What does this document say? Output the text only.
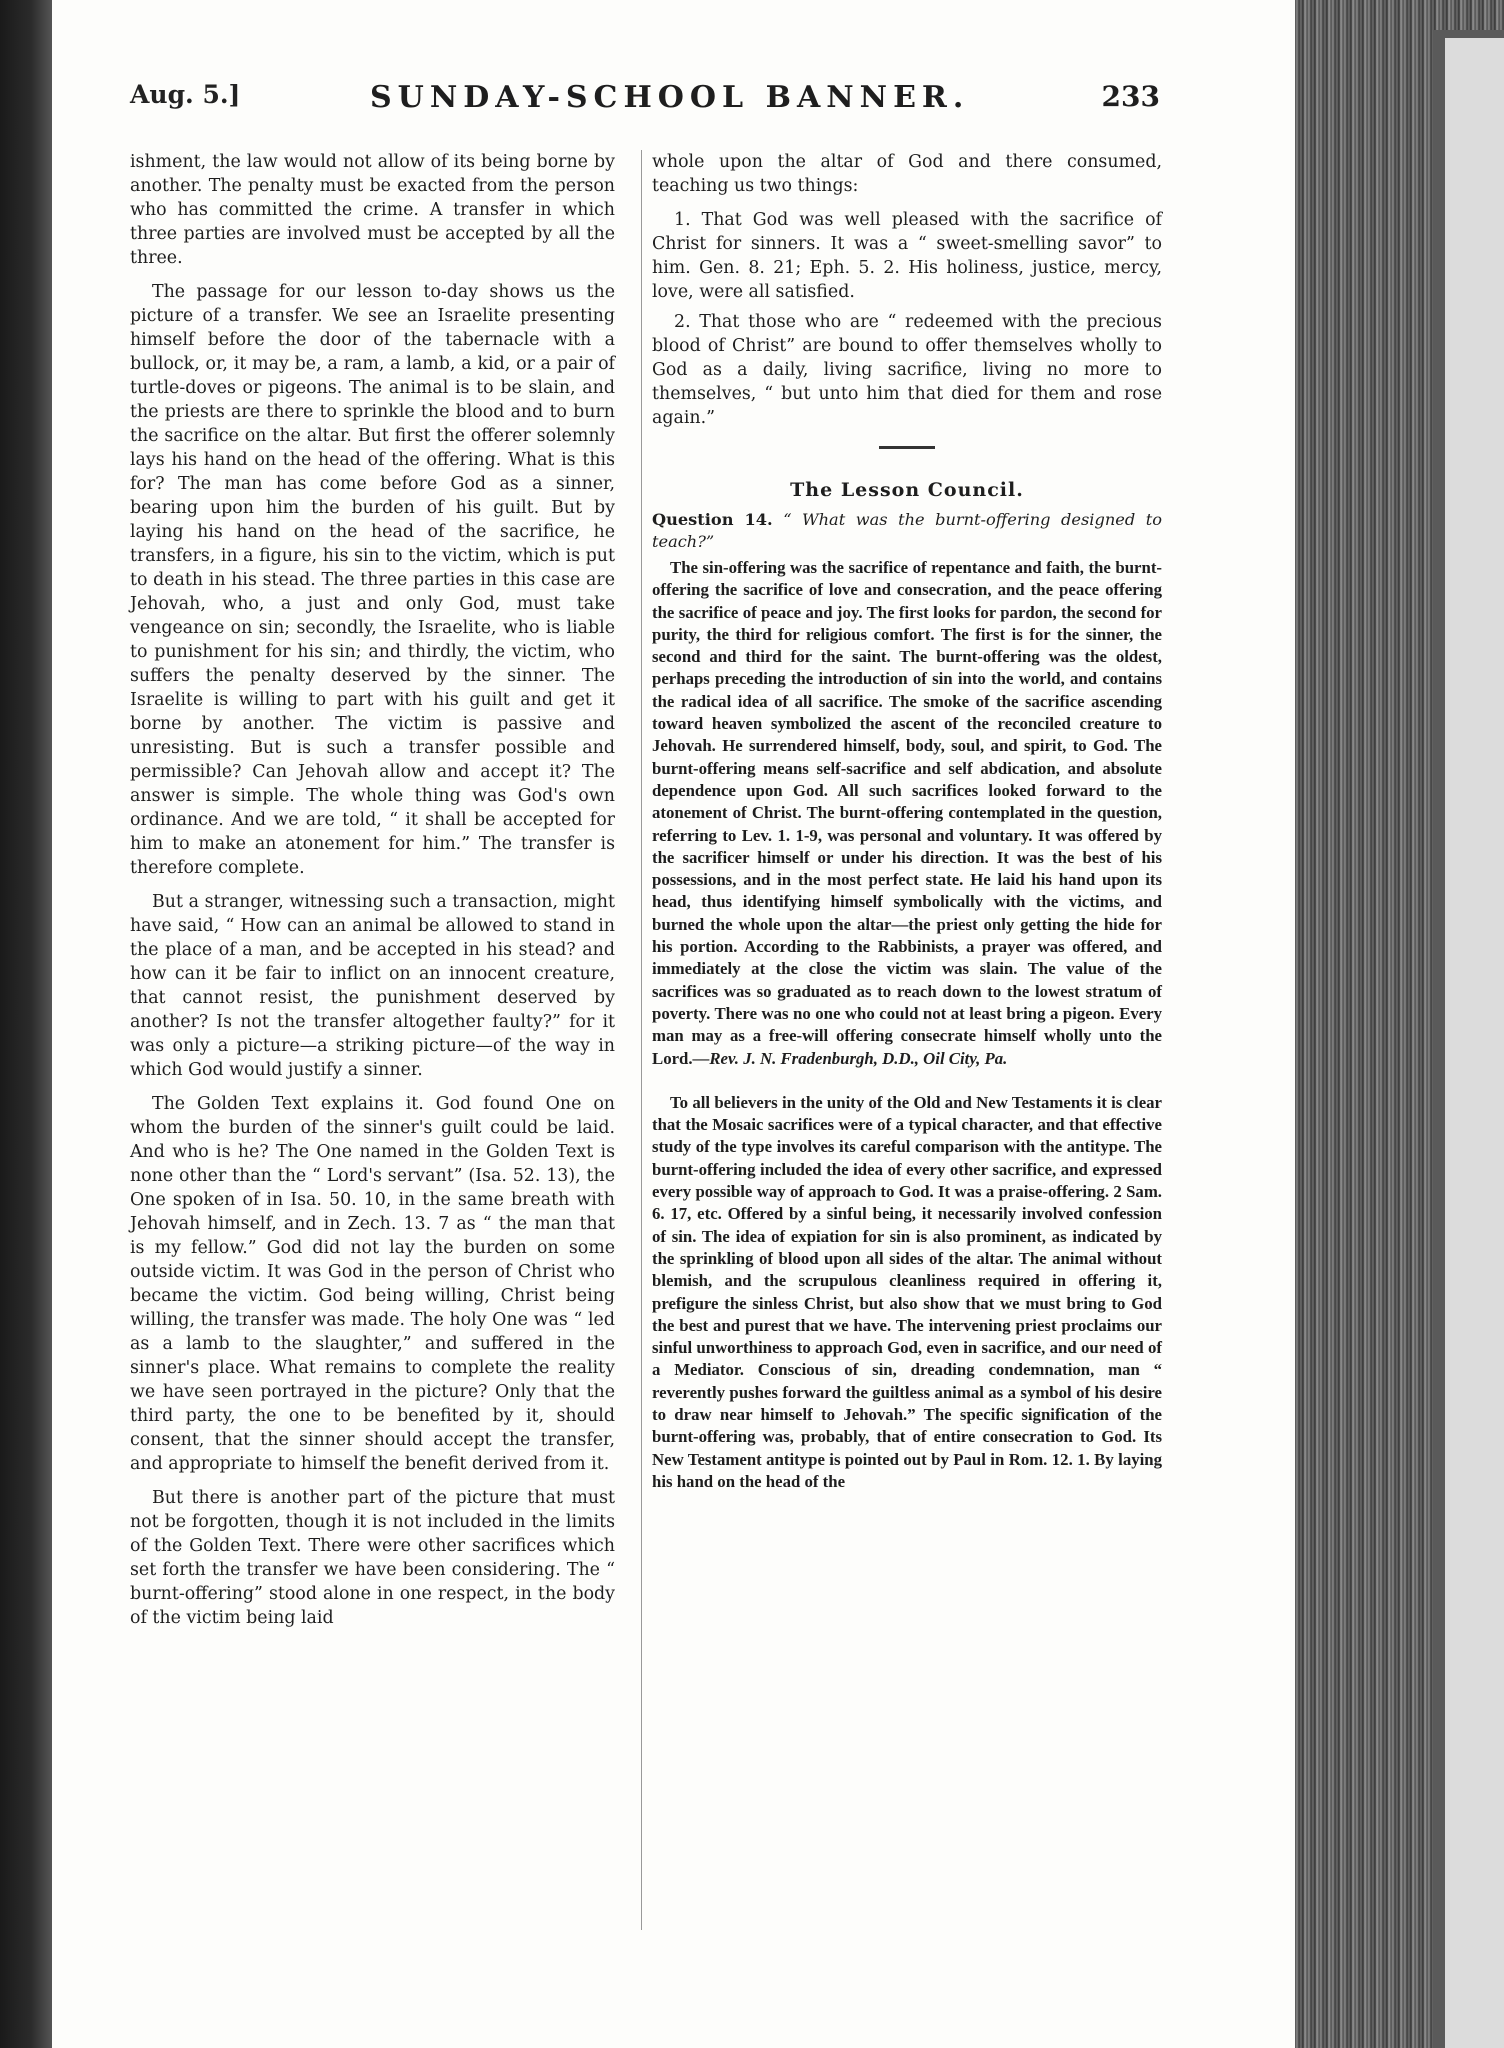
Aug. 5.]	SUNDAY-SCHOOL BANNER.	233

ishment, the law would not allow of its being borne by another. The penalty must be exacted from the person who has committed the crime. A transfer in which three parties are involved must be accepted by all the three.

The passage for our lesson to-day shows us the picture of a transfer. We see an Israelite presenting himself before the door of the tabernacle with a bullock, or, it may be, a ram, a lamb, a kid, or a pair of turtle-doves or pigeons. The animal is to be slain, and the priests are there to sprinkle the blood and to burn the sacrifice on the altar. But first the offerer solemnly lays his hand on the head of the offering. What is this for? The man has come before God as a sinner, bearing upon him the burden of his guilt. But by laying his hand on the head of the sacrifice, he transfers, in a figure, his sin to the victim, which is put to death in his stead. The three parties in this case are Jehovah, who, a just and only God, must take vengeance on sin; secondly, the Israelite, who is liable to punishment for his sin; and thirdly, the victim, who suffers the penalty deserved by the sinner. The Israelite is willing to part with his guilt and get it borne by another. The victim is passive and unresisting. But is such a transfer possible and permissible? Can Jehovah allow and accept it? The answer is simple. The whole thing was God's own ordinance. And we are told, “ it shall be accepted for him to make an atonement for him.” The transfer is therefore complete.

But a stranger, witnessing such a transaction, might have said, “ How can an animal be allowed to stand in the place of a man, and be accepted in his stead? and how can it be fair to inflict on an innocent creature, that cannot resist, the punishment deserved by another? Is not the transfer altogether faulty?” for it was only a picture—a striking picture—of the way in which God would justify a sinner.

The Golden Text explains it. God found One on whom the burden of the sinner's guilt could be laid. And who is he? The One named in the Golden Text is none other than the “ Lord's servant” (Isa. 52. 13), the One spoken of in Isa. 50. 10, in the same breath with Jehovah himself, and in Zech. 13. 7 as “ the man that is my fellow.” God did not lay the burden on some outside victim. It was God in the person of Christ who became the victim. God being willing, Christ being willing, the transfer was made. The holy One was “ led as a lamb to the slaughter,” and suffered in the sinner's place. What remains to complete the reality we have seen portrayed in the picture? Only that the third party, the one to be benefited by it, should consent, that the sinner should accept the transfer, and appropriate to himself the benefit derived from it.

But there is another part of the picture that must not be forgotten, though it is not included in the limits of the Golden Text. There were other sacrifices which set forth the transfer we have been considering. The “ burnt-offering” stood alone in one respect, in the body of the victim being laid

whole upon the altar of God and there consumed, teaching us two things:

1. That God was well pleased with the sacrifice of Christ for sinners. It was a “ sweet-smelling savor” to him. Gen. 8. 21; Eph. 5. 2. His holiness, justice, mercy, love, were all satisfied.

2. That those who are “ redeemed with the precious blood of Christ” are bound to offer themselves wholly to God as a daily, living sacrifice, living no more to themselves, “ but unto him that died for them and rose again.”

The Lesson Council.
Question 14. “ What was the burnt-offering designed to teach?”

The sin-offering was the sacrifice of repentance and faith, the burnt-offering the sacrifice of love and consecration, and the peace offering the sacrifice of peace and joy. The first looks for pardon, the second for purity, the third for religious comfort. The first is for the sinner, the second and third for the saint. The burnt-offering was the oldest, perhaps preceding the introduction of sin into the world, and contains the radical idea of all sacrifice. The smoke of the sacrifice ascending toward heaven symbolized the ascent of the reconciled creature to Jehovah. He surrendered himself, body, soul, and spirit, to God. The burnt-offering means self-sacrifice and self abdication, and absolute dependence upon God. All such sacrifices looked forward to the atonement of Christ. The burnt-offering contemplated in the question, referring to Lev. 1. 1-9, was personal and voluntary. It was offered by the sacrificer himself or under his direction. It was the best of his possessions, and in the most perfect state. He laid his hand upon its head, thus identifying himself symbolically with the victims, and burned the whole upon the altar—the priest only getting the hide for his portion. According to the Rabbinists, a prayer was offered, and immediately at the close the victim was slain. The value of the sacrifices was so graduated as to reach down to the lowest stratum of poverty. There was no one who could not at least bring a pigeon. Every man may as a free-will offering consecrate himself wholly unto the Lord.—Rev. J. N. Fradenburgh, D.D., Oil City, Pa.

To all believers in the unity of the Old and New Testaments it is clear that the Mosaic sacrifices were of a typical character, and that effective study of the type involves its careful comparison with the antitype. The burnt-offering included the idea of every other sacrifice, and expressed every possible way of approach to God. It was a praise-offering. 2 Sam. 6. 17, etc. Offered by a sinful being, it necessarily involved confession of sin. The idea of expiation for sin is also prominent, as indicated by the sprinkling of blood upon all sides of the altar. The animal without blemish, and the scrupulous cleanliness required in offering it, prefigure the sinless Christ, but also show that we must bring to God the best and purest that we have. The intervening priest proclaims our sinful unworthiness to approach God, even in sacrifice, and our need of a Mediator. Conscious of sin, dreading condemnation, man “ reverently pushes forward the guiltless animal as a symbol of his desire to draw near himself to Jehovah.” The specific signification of the burnt-offering was, probably, that of entire consecration to God. Its New Testament antitype is pointed out by Paul in Rom. 12. 1. By laying his hand on the head of the
